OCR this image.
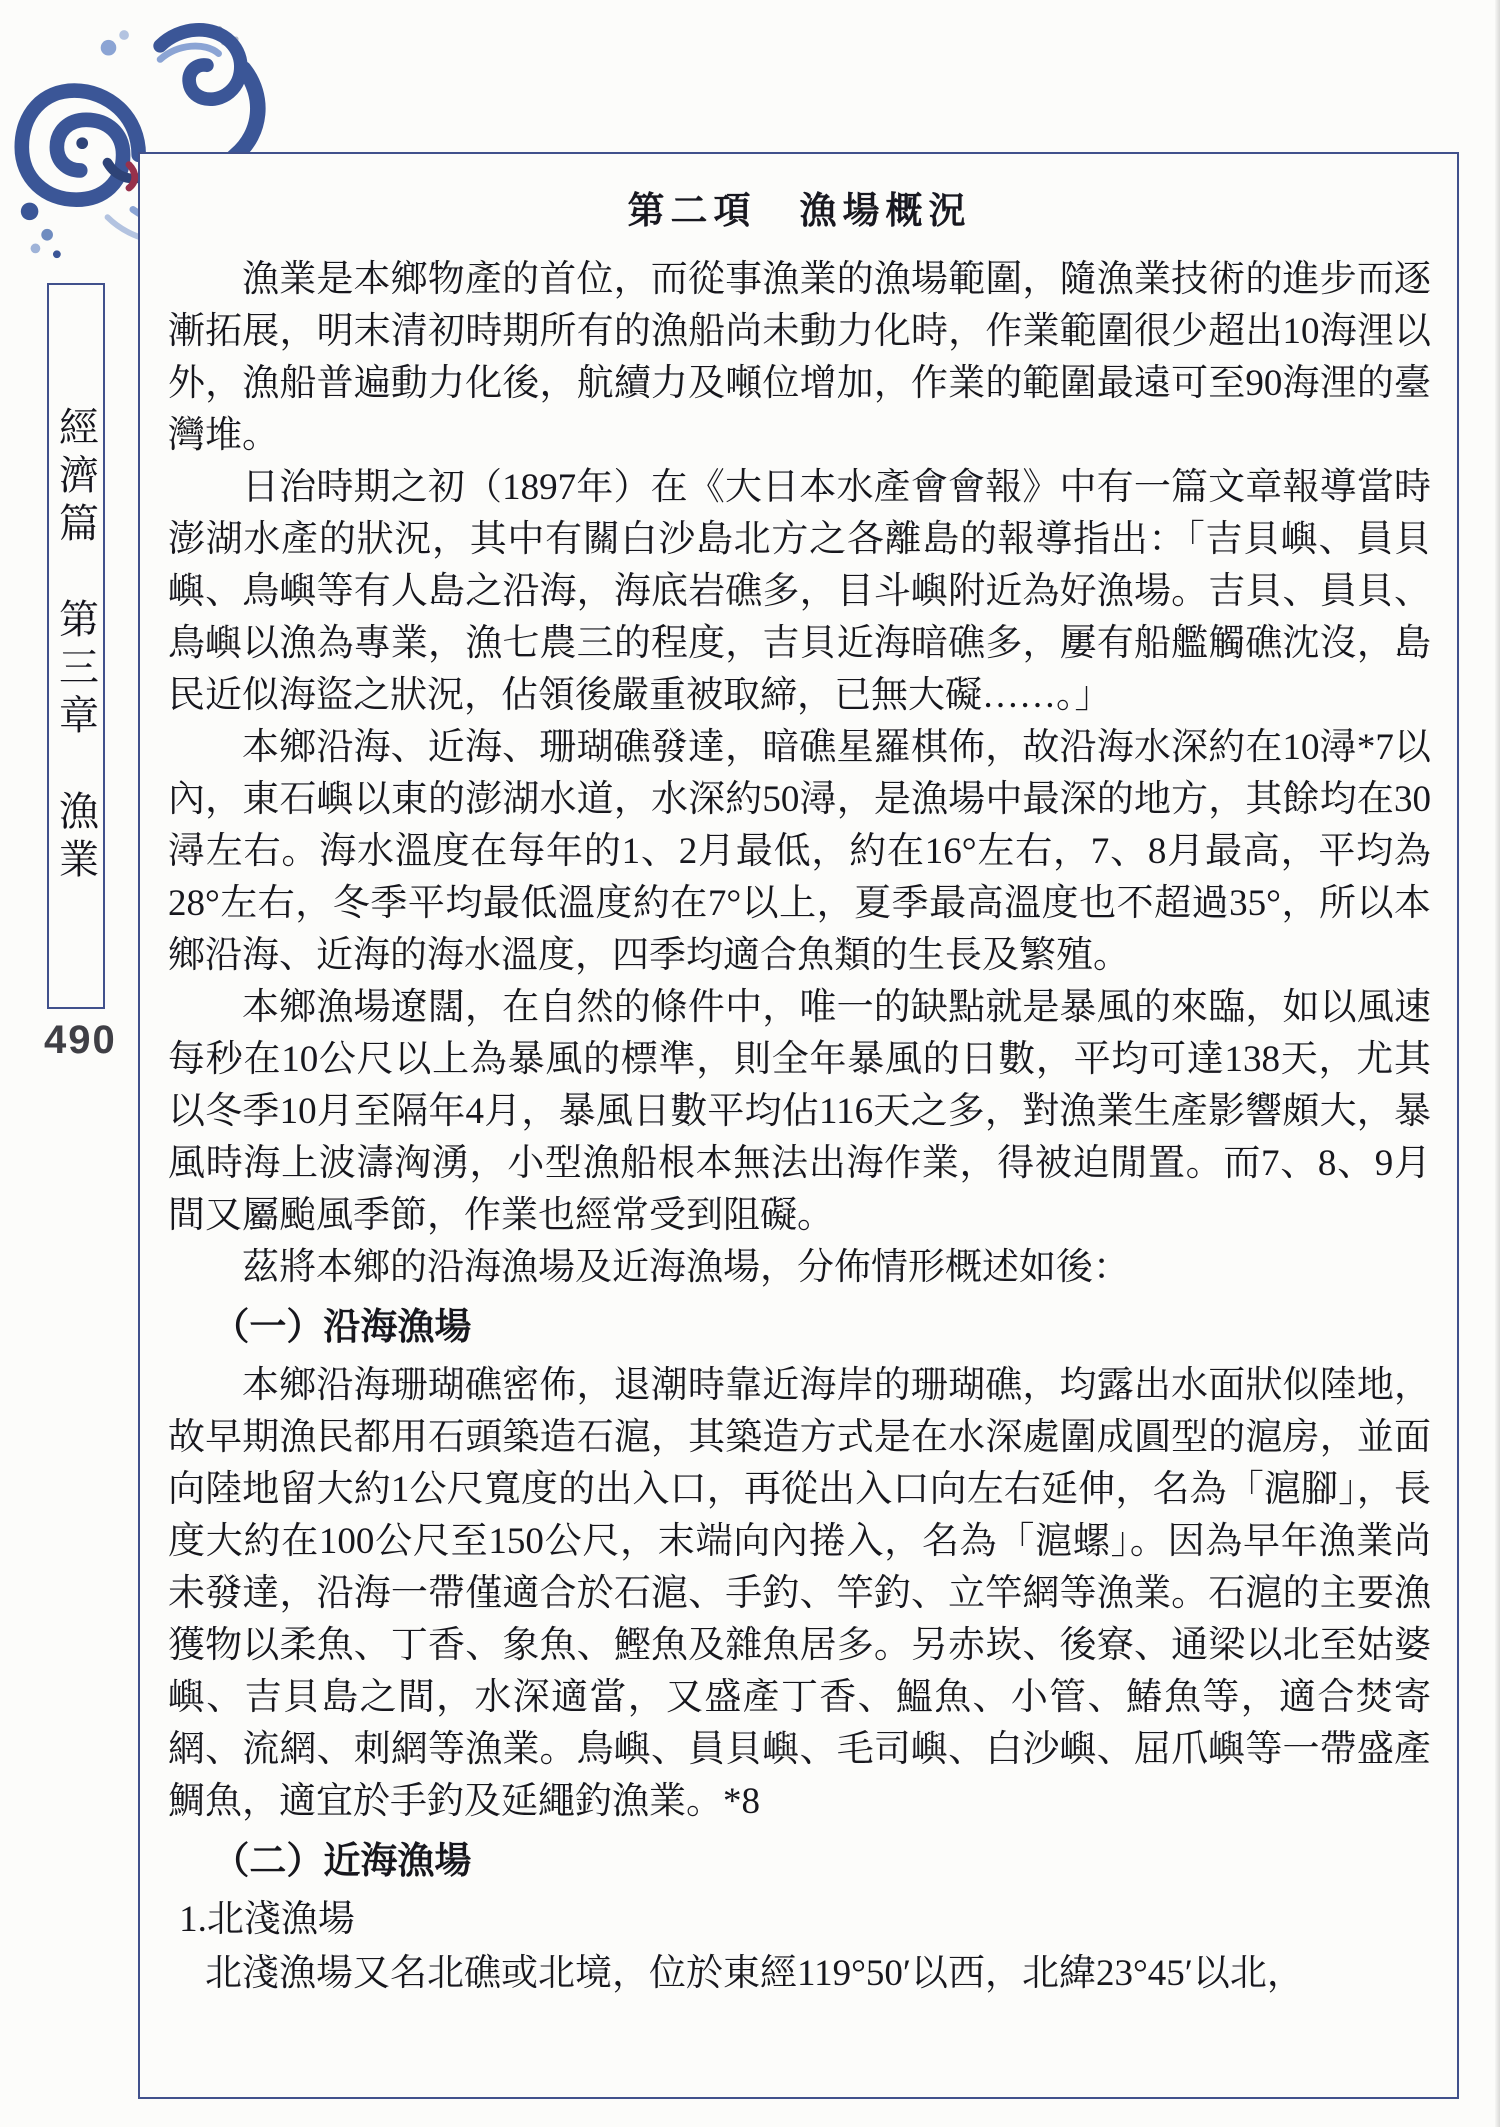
經濟篇　第三章　漁業
490
第二項　漁場概況

漁業是本鄉物產的首位，而從事漁業的漁場範圍，隨漁業技術的進步而逐漸拓展，明末清初時期所有的漁船尚未動力化時，作業範圍很少超出10海浬以外，漁船普遍動力化後，航續力及噸位增加，作業的範圍最遠可至90海浬的臺灣堆。

日治時期之初（1897年）在《大日本水產會會報》中有一篇文章報導當時澎湖水產的狀況，其中有關白沙島北方之各離島的報導指出：「吉貝嶼、員貝嶼、鳥嶼等有人島之沿海，海底岩礁多，目斗嶼附近為好漁場。吉貝、員貝、鳥嶼以漁為專業，漁七農三的程度，吉貝近海暗礁多，屢有船艦觸礁沈沒，島民近似海盜之狀況，佔領後嚴重被取締，已無大礙……。」

本鄉沿海、近海、珊瑚礁發達，暗礁星羅棋佈，故沿海水深約在10潯*7以內，東石嶼以東的澎湖水道，水深約50潯，是漁場中最深的地方，其餘均在30潯左右。海水溫度在每年的1、2月最低，約在16°左右，7、8月最高，平均為28°左右，冬季平均最低溫度約在7°以上，夏季最高溫度也不超過35°，所以本鄉沿海、近海的海水溫度，四季均適合魚類的生長及繁殖。

本鄉漁場遼闊，在自然的條件中，唯一的缺點就是暴風的來臨，如以風速每秒在10公尺以上為暴風的標準，則全年暴風的日數，平均可達138天，尤其以冬季10月至隔年4月，暴風日數平均佔116天之多，對漁業生產影響頗大，暴風時海上波濤洶湧，小型漁船根本無法出海作業，得被迫閒置。而7、8、9月間又屬颱風季節，作業也經常受到阻礙。

茲將本鄉的沿海漁場及近海漁場，分佈情形概述如後：

（一）沿海漁場

本鄉沿海珊瑚礁密佈，退潮時靠近海岸的珊瑚礁，均露出水面狀似陸地，故早期漁民都用石頭築造石滬，其築造方式是在水深處圍成圓型的滬房，並面向陸地留大約1公尺寬度的出入口，再從出入口向左右延伸，名為「滬腳」，長度大約在100公尺至150公尺，末端向內捲入，名為「滬螺」。因為早年漁業尚未發達，沿海一帶僅適合於石滬、手釣、竿釣、立竿網等漁業。石滬的主要漁獲物以柔魚、丁香、象魚、鰹魚及雜魚居多。另赤崁、後寮、通梁以北至姑婆嶼、吉貝島之間，水深適當，又盛產丁香、鰮魚、小管、鰆魚等，適合焚寄網、流網、刺網等漁業。鳥嶼、員貝嶼、毛司嶼、白沙嶼、屈爪嶼等一帶盛產鯛魚，適宜於手釣及延繩釣漁業。*8

（二）近海漁場

1.北淺漁場

北淺漁場又名北礁或北境，位於東經119°50′以西，北緯23°45′以北，
